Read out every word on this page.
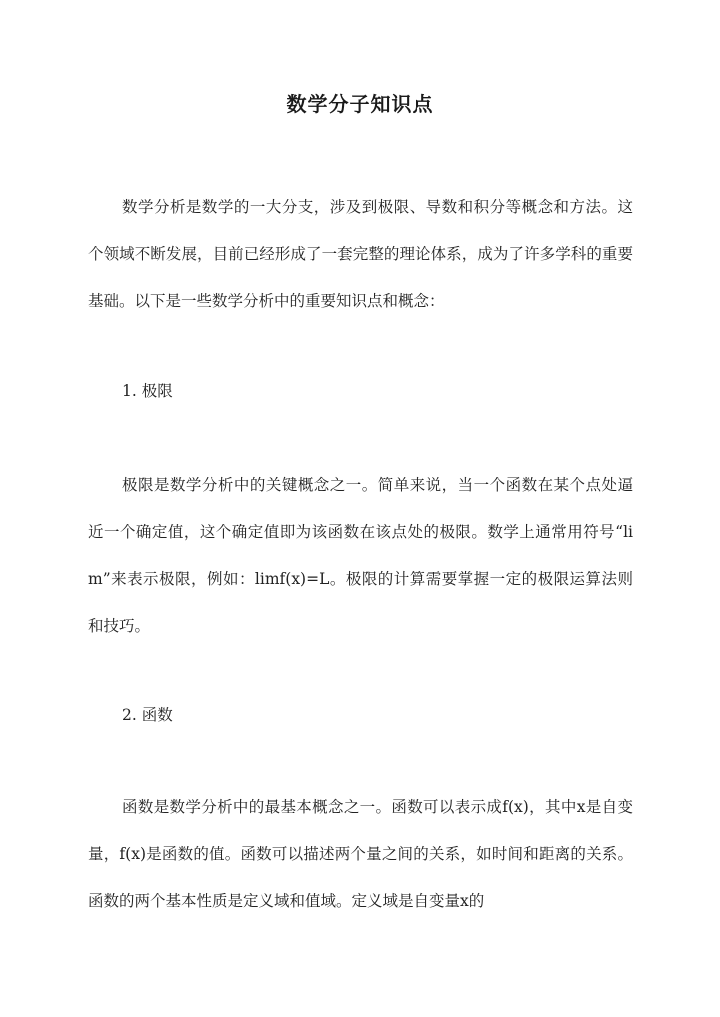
数学分子知识点

数学分析是数学的一大分支，涉及到极限、导数和积分等概念和方法。这个领域不断发展，目前已经形成了一套完整的理论体系，成为了许多学科的重要基础。以下是一些数学分析中的重要知识点和概念：

1. 极限

极限是数学分析中的关键概念之一。简单来说，当一个函数在某个点处逼近一个确定值，这个确定值即为该函数在该点处的极限。数学上通常用符号“lim”来表示极限，例如：limf(x)=L。极限的计算需要掌握一定的极限运算法则和技巧。

2. 函数

函数是数学分析中的最基本概念之一。函数可以表示成f(x)，其中x是自变量，f(x)是函数的值。函数可以描述两个量之间的关系，如时间和距离的关系。函数的两个基本性质是定义域和值域。定义域是自变量x的
